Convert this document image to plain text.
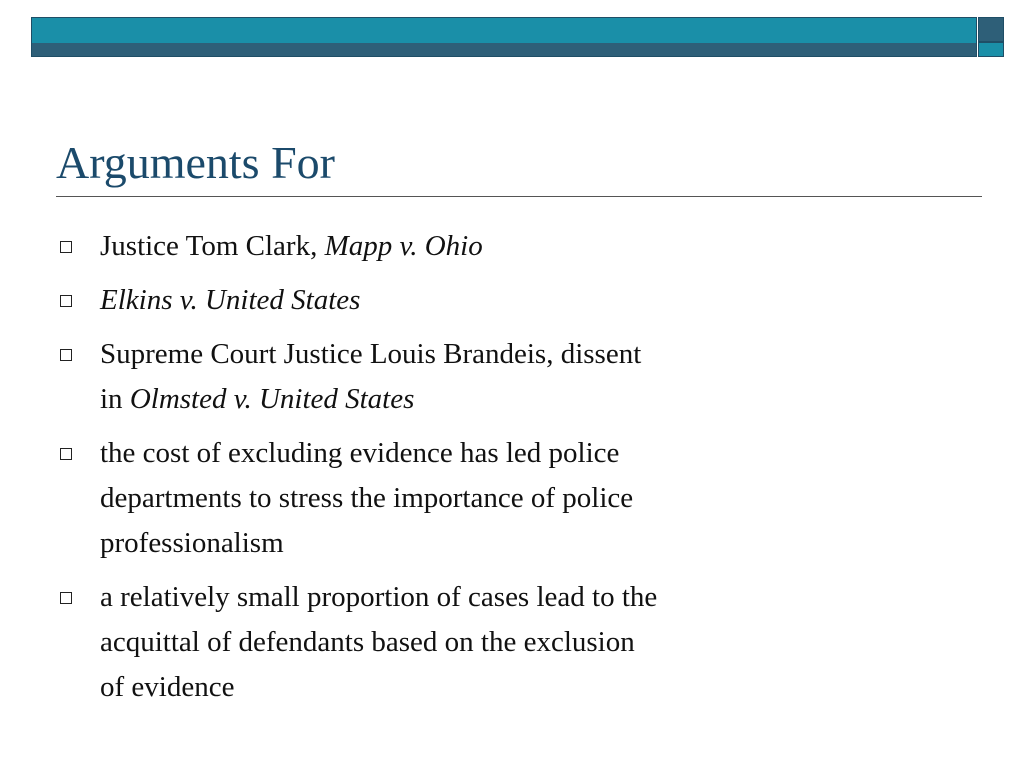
Arguments For
Justice Tom Clark, Mapp v. Ohio
Elkins v. United States
Supreme Court Justice Louis Brandeis, dissent
in Olmsted v. United States
the cost of excluding evidence has led police
departments to stress the importance of police
professionalism
a relatively small proportion of cases lead to the
acquittal of defendants based on the exclusion
of evidence
